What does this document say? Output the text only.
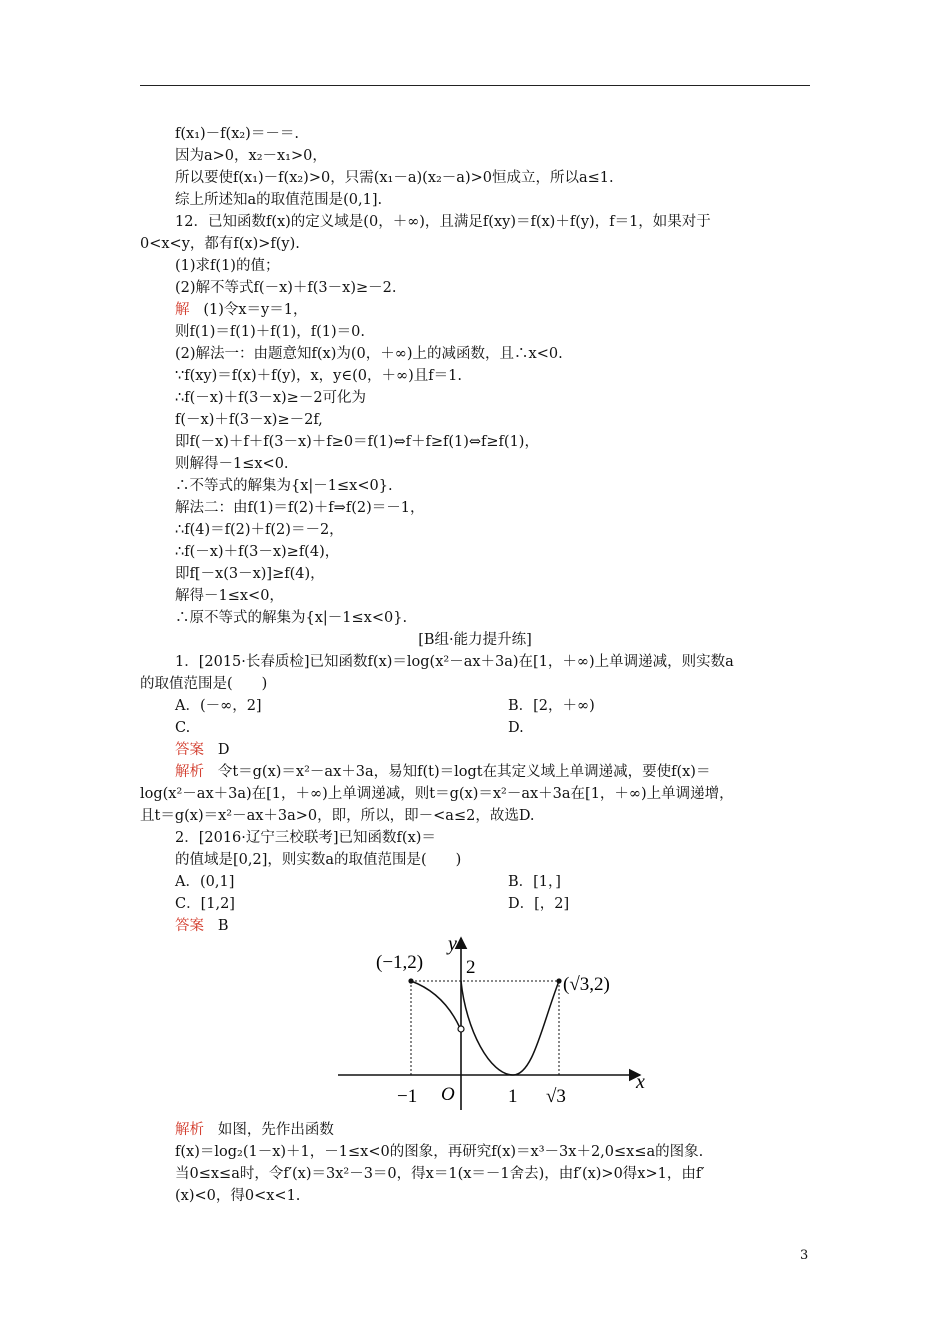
f(x₁)－f(x₂)＝－＝.
因为a>0，x₂－x₁>0，
所以要使f(x₁)－f(x₂)>0，只需(x₁－a)(x₂－a)>0恒成立，所以a≤1.
综上所述知a的取值范围是(0,1].
12．已知函数f(x)的定义域是(0，＋∞)，且满足f(xy)＝f(x)＋f(y)，f＝1，如果对于
0<x<y，都有f(x)>f(y).
(1)求f(1)的值；
(2)解不等式f(－x)＋f(3－x)≥－2.
解 (1)令x＝y＝1，
则f(1)＝f(1)＋f(1)，f(1)＝0.
(2)解法一：由题意知f(x)为(0，＋∞)上的减函数，且∴x<0.
∵f(xy)＝f(x)＋f(y)，x，y∈(0，＋∞)且f＝1.
∴f(－x)＋f(3－x)≥－2可化为
f(－x)＋f(3－x)≥－2f,
即f(－x)＋f＋f(3－x)＋f≥0＝f(1)⇔f＋f≥f(1)⇔f≥f(1)，
则解得－1≤x<0.
∴不等式的解集为{x|－1≤x<0}.
解法二：由f(1)＝f(2)＋f⇒f(2)＝－1，
∴f(4)＝f(2)＋f(2)＝－2，
∴f(－x)＋f(3－x)≥f(4)，
即f[－x(3－x)]≥f(4)，
解得－1≤x<0，
∴原不等式的解集为{x|－1≤x<0}.
[B组·能力提升练]
1．[2015·长春质检]已知函数f(x)＝log(x²－ax＋3a)在[1，＋∞)上单调递减，则实数a
的取值范围是(　　)
A．(－∞，2]	B．[2，＋∞)
C.	D.
答案 D
解析 令t＝g(x)＝x²－ax＋3a，易知f(t)＝logt在其定义域上单调递减，要使f(x)＝
log(x²－ax＋3a)在[1，＋∞)上单调递减，则t＝g(x)＝x²－ax＋3a在[1，＋∞)上单调递增，
且t＝g(x)＝x²－ax＋3a>0，即，所以，即－<a≤2，故选D.
2．[2016·辽宁三校联考]已知函数f(x)＝
的值域是[0,2]，则实数a的取值范围是(　　)
A．(0,1]	B．[1，]
C．[1,2]	D．[，2]
答案 B
y
2
(−1,2)
(√3,2)
−1 O	1 √3
x
解析 如图，先作出函数
f(x)＝log₂(1－x)＋1，－1≤x<0的图象，再研究f(x)＝x³－3x＋2,0≤x≤a的图象.
当0≤x≤a时，令f′(x)＝3x²－3＝0，得x＝1(x＝－1舍去)，由f′(x)>0得x>1，由f′
(x)<0，得0<x<1.
3
